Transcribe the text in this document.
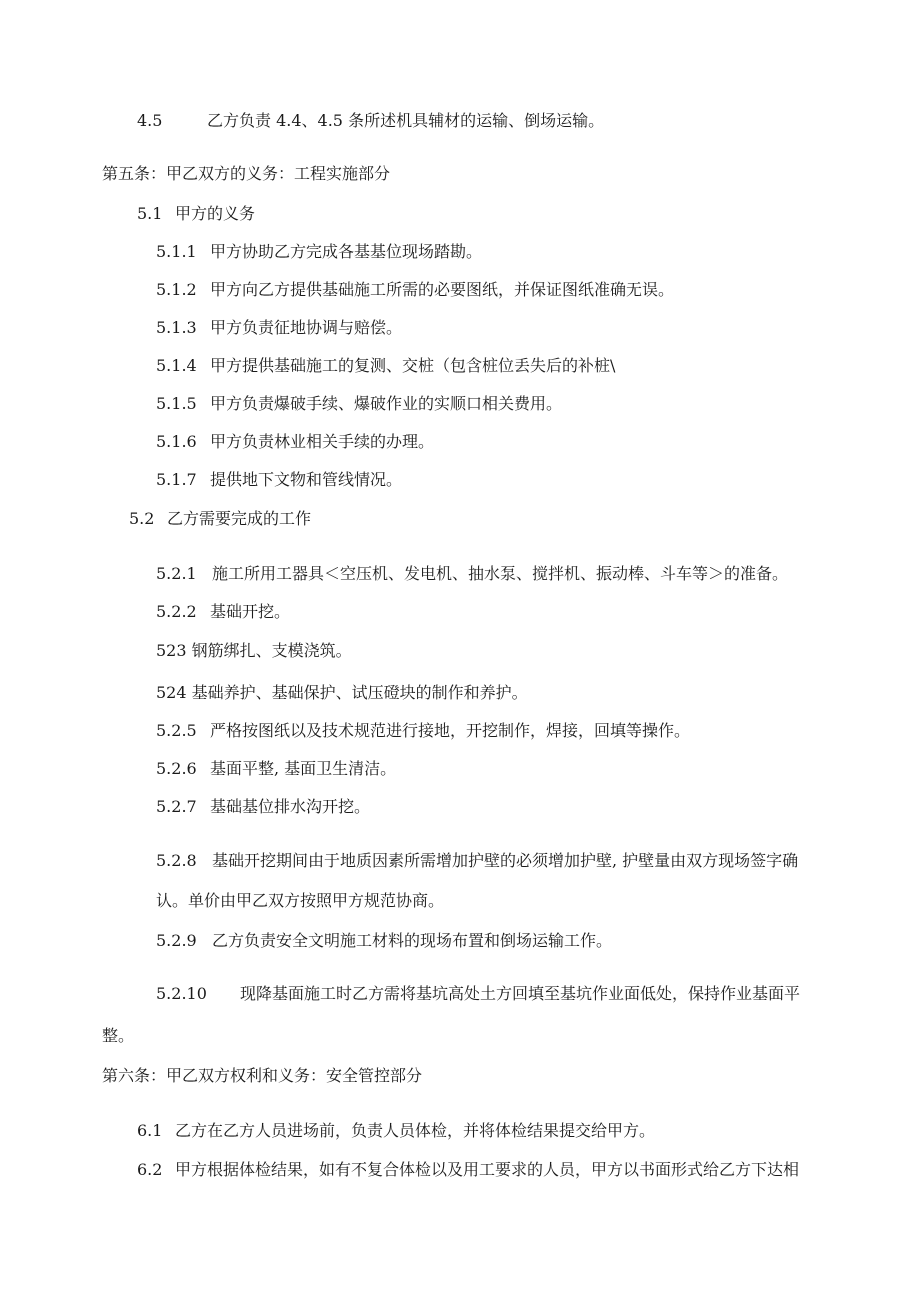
4.5	乙方负责 4.4、4.5 条所述机具辅材的运输、倒场运输。
第五条：甲乙双方的义务：工程实施部分
5.1 甲方的义务
5.1.1 甲方协助乙方完成各基基位现场踏勘。
5.1.2 甲方向乙方提供基础施工所需的必要图纸，并保证图纸准确无误。
5.1.3 甲方负责征地协调与赔偿。
5.1.4 甲方提供基础施工的复测、交桩（包含桩位丢失后的补桩\
5.1.5 甲方负责爆破手续、爆破作业的实顺口相关费用。
5.1.6 甲方负责林业相关手续的办理。
5.1.7 提供地下文物和管线情况。
5.2 乙方需要完成的工作
5.2.1 施工所用工器具＜空压机、发电机、抽水泵、搅拌机、振动棒、斗车等＞的准备。
5.2.2 基础开挖。
523 钢筋绑扎、支模浇筑。
524 基础养护、基础保护、试压磴块的制作和养护。
5.2.5 严格按图纸以及技术规范进行接地，开挖制作，焊接，回填等操作。
5.2.6 基面平整, 基面卫生清洁。
5.2.7 基础基位排水沟开挖。
5.2.8 基础开挖期间由于地质因素所需增加护壁的必须增加护壁, 护壁量由双方现场签字确
认。单价由甲乙双方按照甲方规范协商。
5.2.9 乙方负责安全文明施工材料的现场布置和倒场运输工作。
5.2.10 现降基面施工时乙方需将基坑高处土方回填至基坑作业面低处，保持作业基面平
整。
第六条：甲乙双方权利和义务：安全管控部分
6.1 乙方在乙方人员进场前，负责人员体检，并将体检结果提交给甲方。
6.2 甲方根据体检结果，如有不复合体检以及用工要求的人员，甲方以书面形式给乙方下达相
